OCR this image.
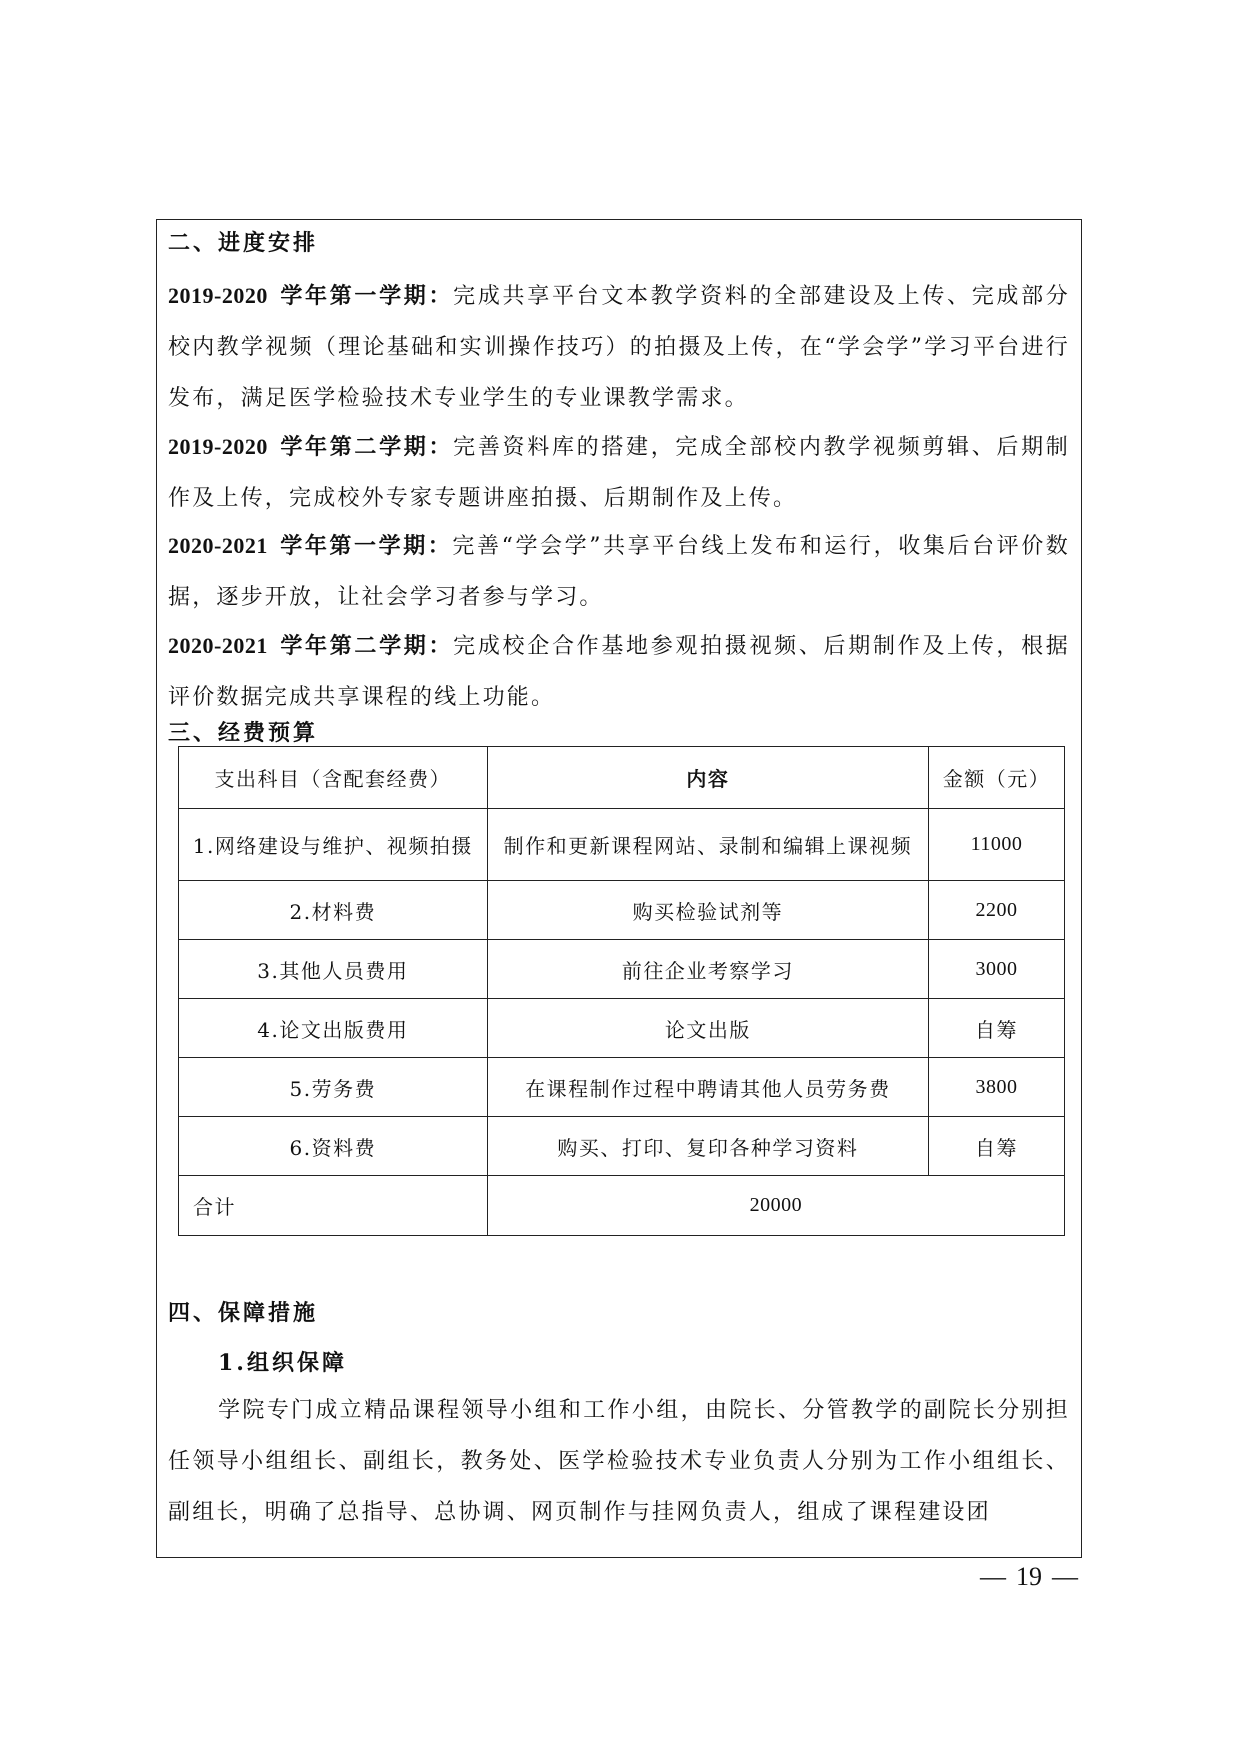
二、进度安排
2019-2020 学年第一学期：完成共享平台文本教学资料的全部建设及上传、完成部分校内教学视频（理论基础和实训操作技巧）的拍摄及上传，在“学会学”学习平台进行发布，满足医学检验技术专业学生的专业课教学需求。
2019-2020 学年第二学期：完善资料库的搭建，完成全部校内教学视频剪辑、后期制作及上传，完成校外专家专题讲座拍摄、后期制作及上传。
2020-2021 学年第一学期：完善“学会学”共享平台线上发布和运行，收集后台评价数据，逐步开放，让社会学习者参与学习。
2020-2021 学年第二学期：完成校企合作基地参观拍摄视频、后期制作及上传，根据评价数据完成共享课程的线上功能。
三、经费预算
支出科目（含配套经费）	内容	金额（元）
1.网络建设与维护、视频拍摄	制作和更新课程网站、录制和编辑上课视频	11000
2.材料费	购买检验试剂等	2200
3.其他人员费用	前往企业考察学习	3000
4.论文出版费用	论文出版	自筹
5.劳务费	在课程制作过程中聘请其他人员劳务费	3800
6.资料费	购买、打印、复印各种学习资料	自筹
合计	20000	
四、保障措施
1.组织保障
学院专门成立精品课程领导小组和工作小组，由院长、分管教学的副院长分别担任领导小组组长、副组长，教务处、医学检验技术专业负责人分别为工作小组组长、副组长，明确了总指导、总协调、网页制作与挂网负责人，组成了课程建设团
— 19 —
